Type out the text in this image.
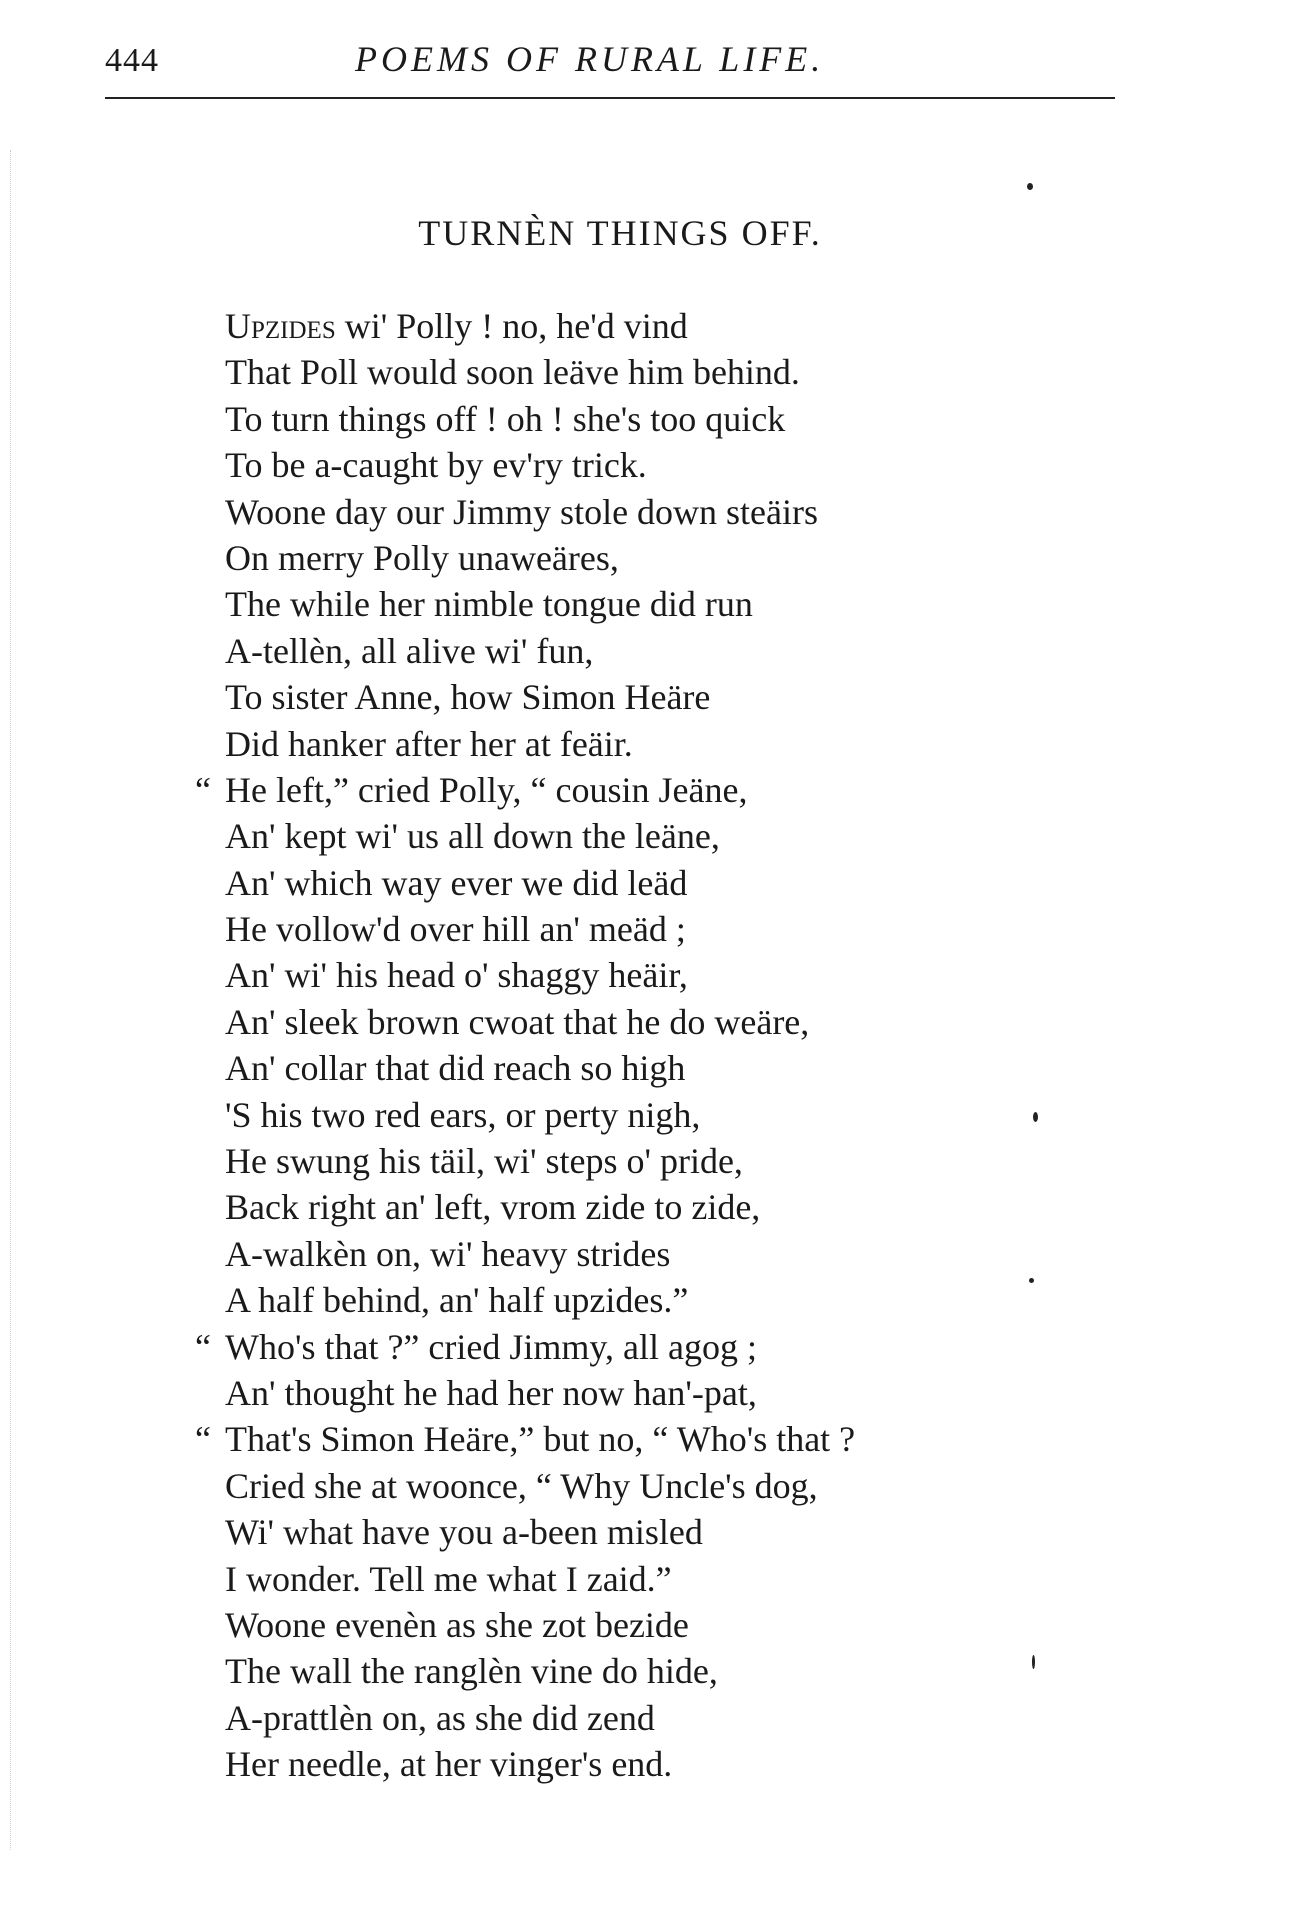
444	POEMS OF RURAL LIFE.
TURNÈN THINGS OFF.
Upzides wi' Polly ! no, he'd vind
That Poll would soon leäve him behind.
To turn things off ! oh ! she's too quick
To be a-caught by ev'ry trick.
Woone day our Jimmy stole down steäirs
On merry Polly unaweäres,
The while her nimble tongue did run
A-tellèn, all alive wi' fun,
To sister Anne, how Simon Heäre
Did hanker after her at feäir.
“ He left,” cried Polly, “ cousin Jeäne,
An' kept wi' us all down the leäne,
An' which way ever we did leäd
He vollow'd over hill an' meäd ;
An' wi' his head o' shaggy heäir,
An' sleek brown cwoat that he do weäre,
An' collar that did reach so high
'S his two red ears, or perty nigh,
He swung his täil, wi' steps o' pride,
Back right an' left, vrom zide to zide,
A-walkèn on, wi' heavy strides
A half behind, an' half upzides.”
“ Who's that ?” cried Jimmy, all agog ;
An' thought he had her now han'-pat,
“ That's Simon Heäre,” but no, “ Who's that ?
Cried she at woonce, “ Why Uncle's dog,
Wi' what have you a-been misled
I wonder. Tell me what I zaid.”
Woone evenèn as she zot bezide
The wall the ranglèn vine do hide,
A-prattlèn on, as she did zend
Her needle, at her vinger's end.
